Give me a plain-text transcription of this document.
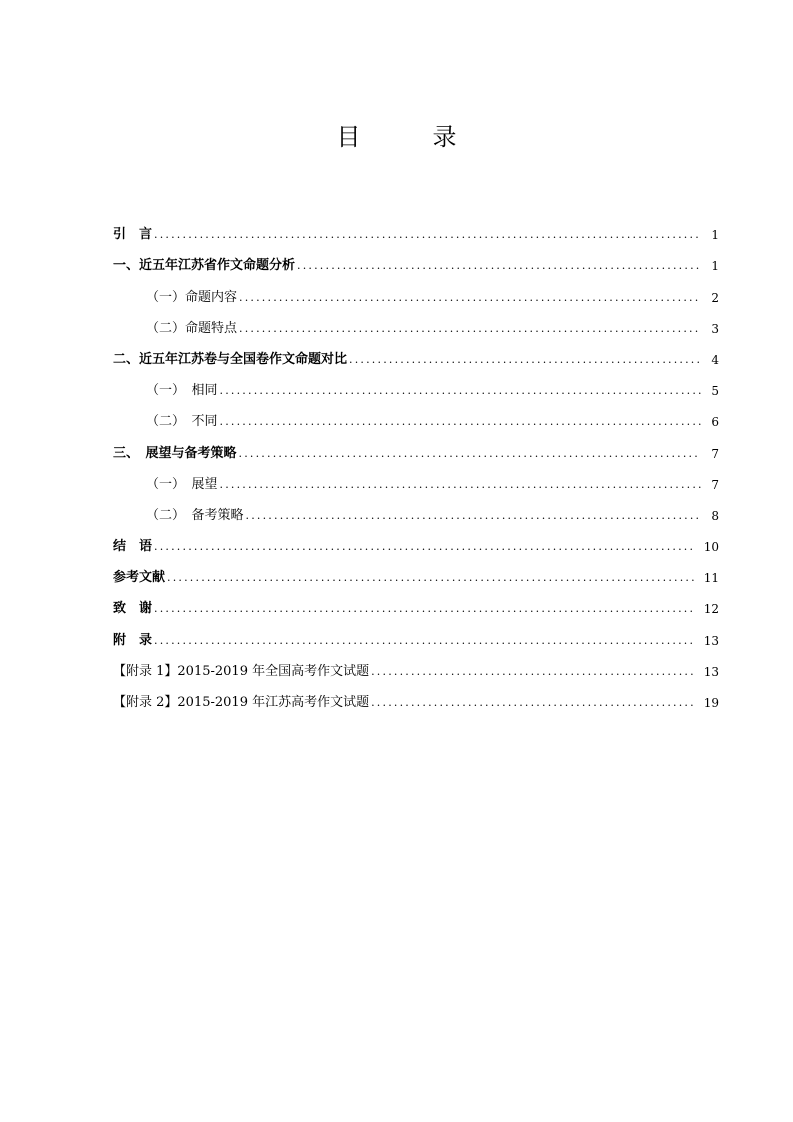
目　录
引　言 .....	1
一、近五年江苏省作文命题分析 .....	1
（一）命题内容 .....	2
（二）命题特点 .....	3
二、近五年江苏卷与全国卷作文命题对比 .....	4
（一）　相同 .....	5
（二）　不同 .....	6
三、　展望与备考策略 .....	7
（一）　展望 .....	7
（二）　备考策略 .....	8
结　语 .....	10
参考文献 .....	11
致　谢 .....	12
附　录 .....	13
【附录 1】2015-2019 年全国高考作文试题 .....	13
【附录 2】2015-2019 年江苏高考作文试题 .....	19
